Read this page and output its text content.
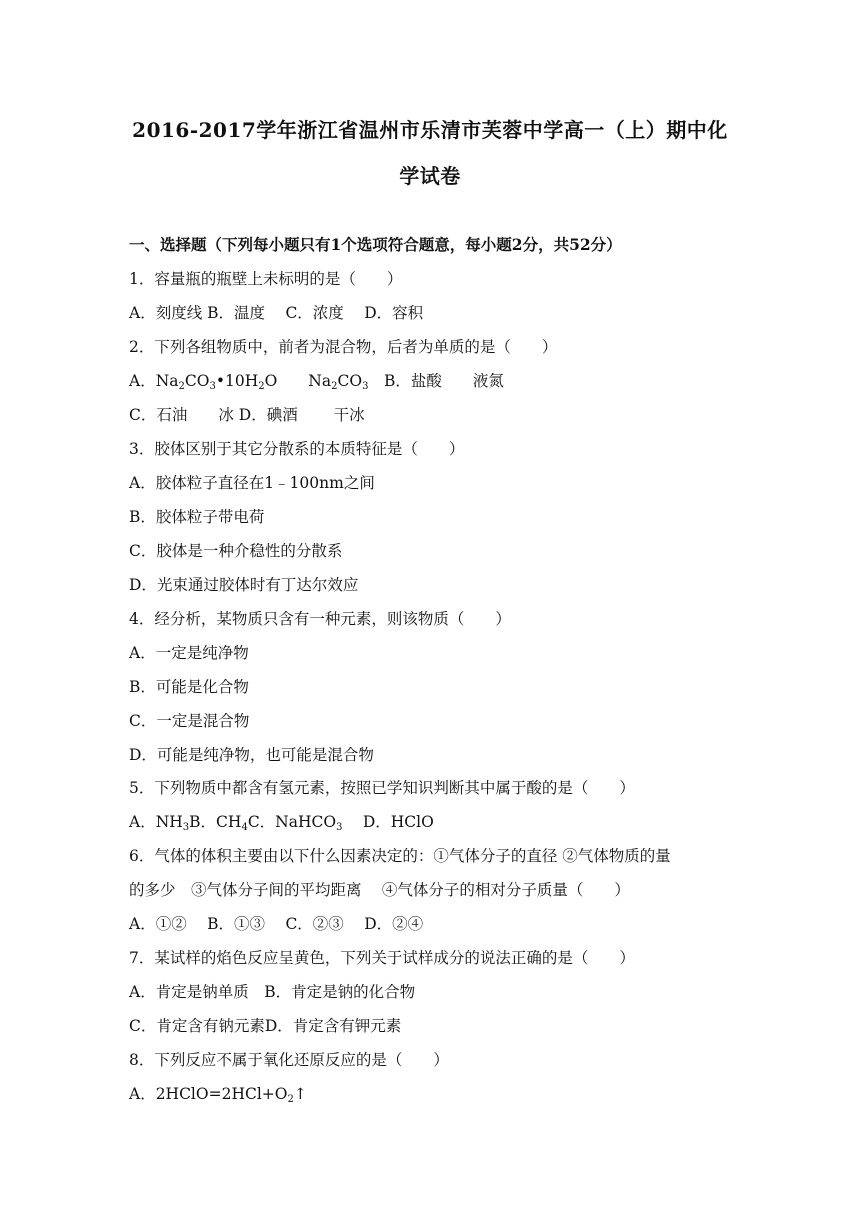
2016-2017学年浙江省温州市乐清市芙蓉中学高一（上）期中化
学试卷
一、选择题（下列每小题只有1个选项符合题意，每小题2分，共52分）
1．容量瓶的瓶壁上未标明的是（　　）
A．刻度线 B．温度　 C．浓度　 D．容积
2．下列各组物质中，前者为混合物，后者为单质的是（　　）
A．$Na_2CO_3•10H_2O$　　$Na_2CO_3$　B．盐酸　　液氮
C．石油　　冰 D．碘酒　　 干冰
3．胶体区别于其它分散系的本质特征是（　　）
A．胶体粒子直径在1﹣100nm之间
B．胶体粒子带电荷
C．胶体是一种介稳性的分散系
D．光束通过胶体时有丁达尔效应
4．经分析，某物质只含有一种元素，则该物质（　　）
A．一定是纯净物
B．可能是化合物
C．一定是混合物
D．可能是纯净物，也可能是混合物
5．下列物质中都含有氢元素，按照已学知识判断其中属于酸的是（　　）
A．$NH_3B$．$CH_4C$．NaHCO$_3$　 D．HClO
6．气体的体积主要由以下什么因素决定的：①气体分子的直径 ②气体物质的量
的多少　③气体分子间的平均距离　 ④气体分子的相对分子质量（　　）
A．①②　 B．①③　 C．②③　 D．②④
7．某试样的焰色反应呈黄色，下列关于试样成分的说法正确的是（　　）
A．肯定是钠单质　B．肯定是钠的化合物
C．肯定含有钠元素D．肯定含有钾元素
8．下列反应不属于氧化还原反应的是（　　）
A．$2HClO=2HCl+O_2↑$
